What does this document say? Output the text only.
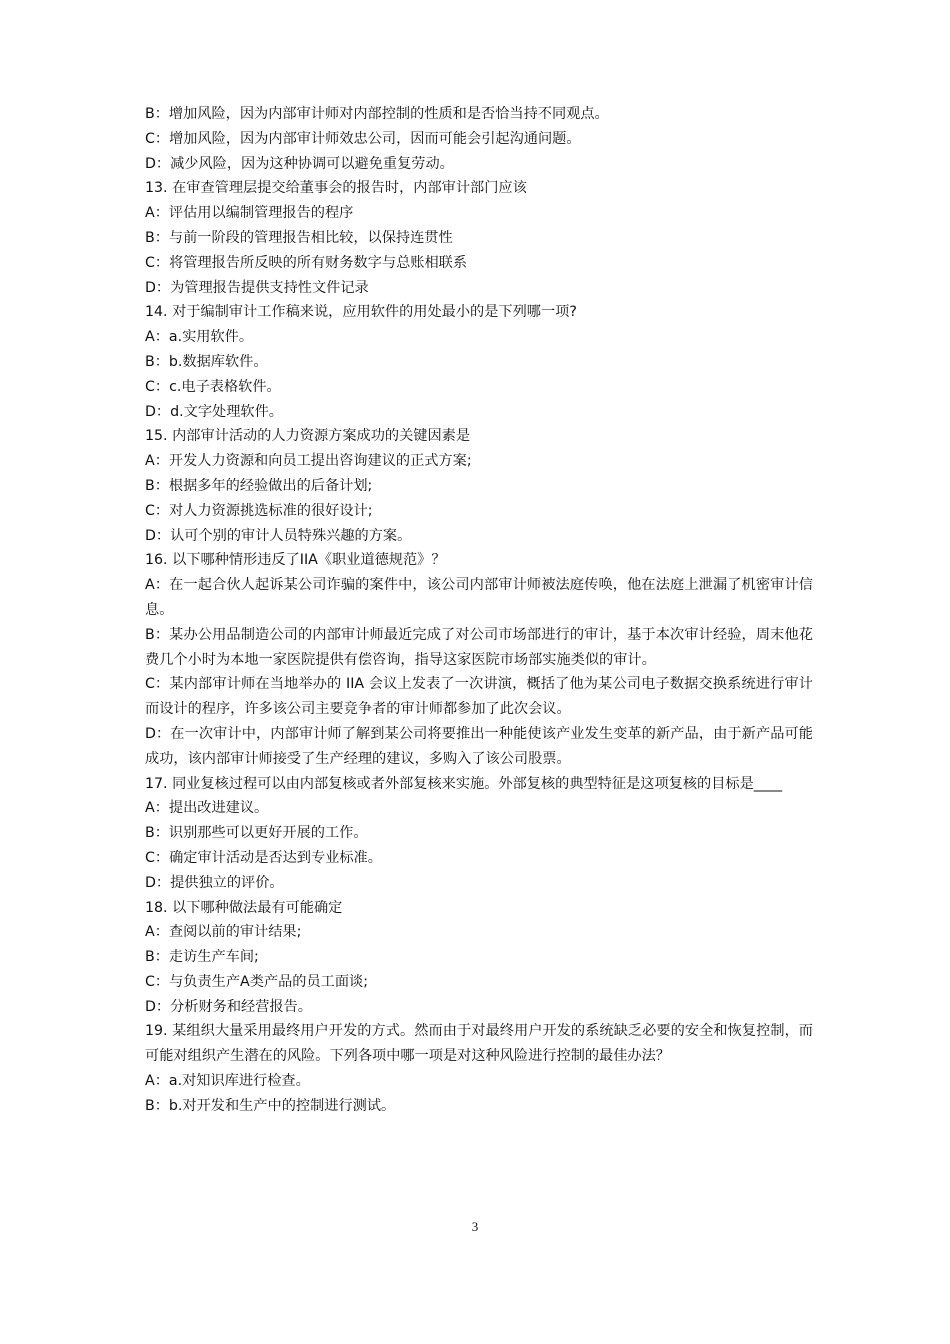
B：增加风险，因为内部审计师对内部控制的性质和是否恰当持不同观点。
C：增加风险，因为内部审计师效忠公司，因而可能会引起沟通问题。
D：减少风险，因为这种协调可以避免重复劳动。
13. 在审查管理层提交给董事会的报告时，内部审计部门应该
A：评估用以编制管理报告的程序
B：与前一阶段的管理报告相比较，以保持连贯性
C：将管理报告所反映的所有财务数字与总账相联系
D：为管理报告提供支持性文件记录
14. 对于编制审计工作稿来说，应用软件的用处最小的是下列哪一项?
A：a.实用软件。
B：b.数据库软件。
C：c.电子表格软件。
D：d.文字处理软件。
15. 内部审计活动的人力资源方案成功的关键因素是
A：开发人力资源和向员工提出咨询建议的正式方案;
B：根据多年的经验做出的后备计划;
C：对人力资源挑选标准的很好设计;
D：认可个别的审计人员特殊兴趣的方案。
16. 以下哪种情形违反了IIA《职业道德规范》？
A：在一起合伙人起诉某公司诈骗的案件中，该公司内部审计师被法庭传唤，他在法庭上泄漏了机密审计信息。
B：某办公用品制造公司的内部审计师最近完成了对公司市场部进行的审计，基于本次审计经验，周末他花费几个小时为本地一家医院提供有偿咨询，指导这家医院市场部实施类似的审计。
C：某内部审计师在当地举办的 IIA 会议上发表了一次讲演，概括了他为某公司电子数据交换系统进行审计而设计的程序，许多该公司主要竞争者的审计师都参加了此次会议。
D：在一次审计中，内部审计师了解到某公司将要推出一种能使该产业发生变革的新产品，由于新产品可能成功，该内部审计师接受了生产经理的建议，多购入了该公司股票。
17. 同业复核过程可以由内部复核或者外部复核来实施。外部复核的典型特征是这项复核的目标是____
A：提出改进建议。
B：识别那些可以更好开展的工作。
C：确定审计活动是否达到专业标准。
D：提供独立的评价。
18. 以下哪种做法最有可能确定
A：查阅以前的审计结果;
B：走访生产车间;
C：与负责生产A类产品的员工面谈;
D：分析财务和经营报告。
19. 某组织大量采用最终用户开发的方式。然而由于对最终用户开发的系统缺乏必要的安全和恢复控制，而可能对组织产生潜在的风险。下列各项中哪一项是对这种风险进行控制的最佳办法？
A：a.对知识库进行检查。
B：b.对开发和生产中的控制进行测试。
3
